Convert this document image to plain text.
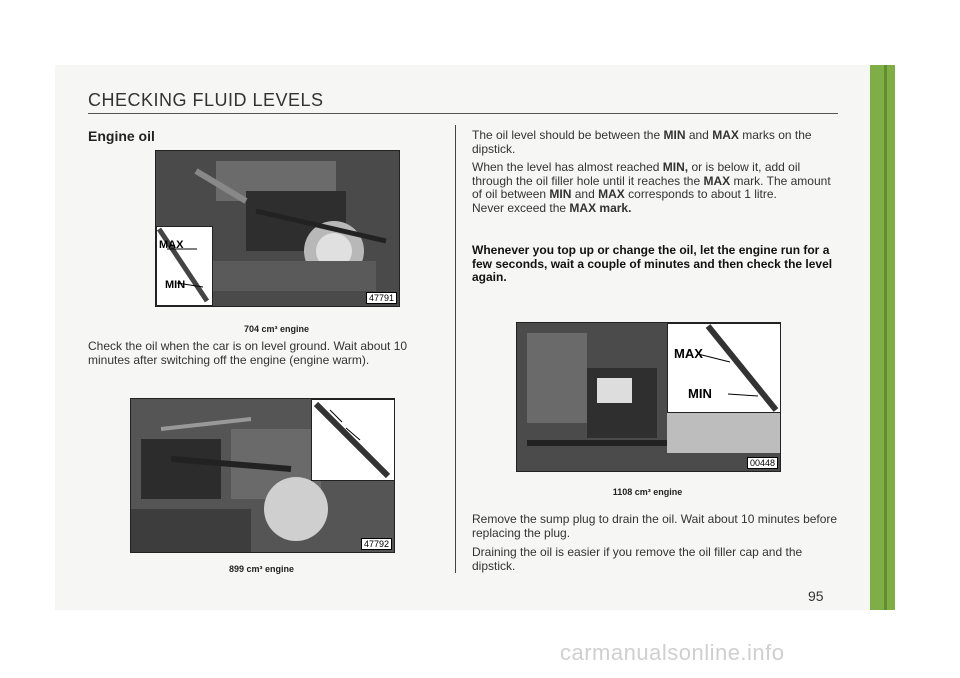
CHECKING FLUID LEVELS
Engine oil
MAX
MIN
47791
704 cm³ engine
Check the oil when the car is on level ground. Wait about 10 minutes after switching off the engine (engine warm).
47792
899 cm³ engine
The oil level should be between the MIN and MAX marks on the dipstick.
When the level has almost reached MIN, or is below it, add oil through the oil filler hole until it reaches the MAX mark. The amount of oil between MIN and MAX corresponds to about 1 litre.
Never exceed the MAX mark.
Whenever you top up or change the oil, let the engine run for a few seconds, wait a couple of minutes and then check the level again.
MAX
MIN
00448
1108 cm³ engine
Remove the sump plug to drain the oil. Wait about 10 minutes before replacing the plug.
Draining the oil is easier if you remove the oil filler cap and the dipstick.
95
carmanualsonline.info
